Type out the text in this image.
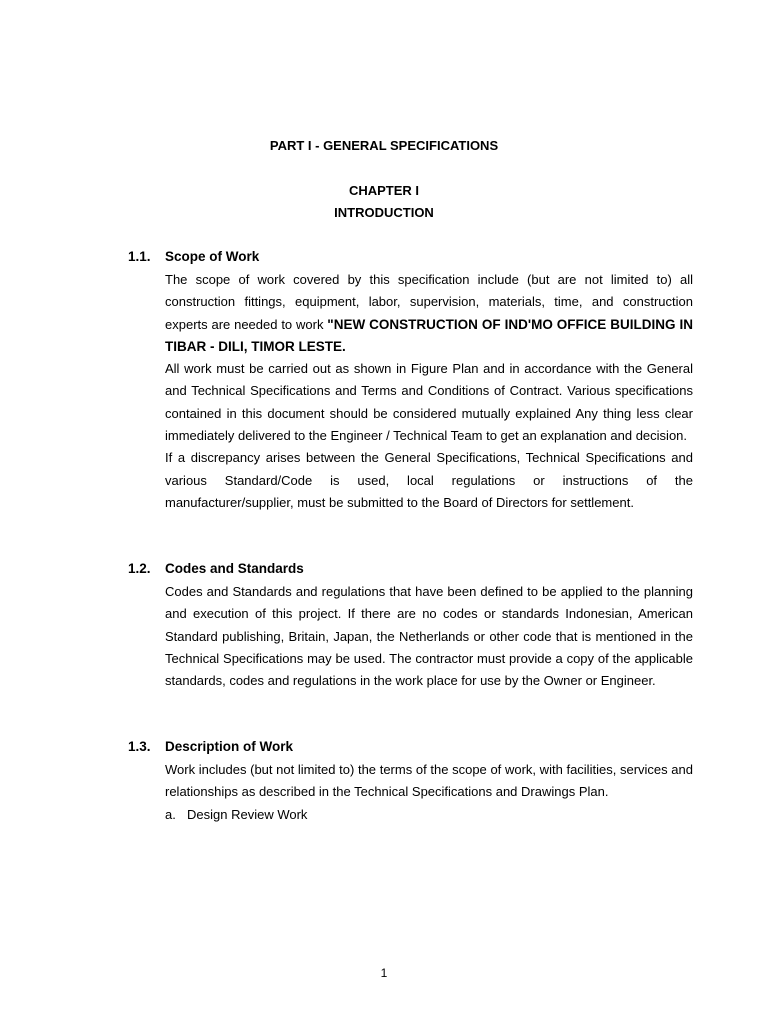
PART I - GENERAL SPECIFICATIONS
CHAPTER I
INTRODUCTION
1.1. Scope of Work

The scope of work covered by this specification include (but are not limited to) all construction fittings, equipment, labor, supervision, materials, time, and construction experts are needed to work "NEW CONSTRUCTION OF IND'MO OFFICE BUILDING IN TIBAR - DILI, TIMOR LESTE.

All work must be carried out as shown in Figure Plan and in accordance with the General and Technical Specifications and Terms and Conditions of Contract. Various specifications contained in this document should be considered mutually explained Any thing less clear immediately delivered to the Engineer / Technical Team to get an explanation and decision.

If a discrepancy arises between the General Specifications, Technical Specifications and various Standard/Code is used, local regulations or instructions of the manufacturer/supplier, must be submitted to the Board of Directors for settlement.

1.2. Codes and Standards

Codes and Standards and regulations that have been defined to be applied to the planning and execution of this project. If there are no codes or standards Indonesian, American Standard publishing, Britain, Japan, the Netherlands or other code that is mentioned in the Technical Specifications may be used. The contractor must provide a copy of the applicable standards, codes and regulations in the work place for use by the Owner or Engineer.

1.3. Description of Work

Work includes (but not limited to) the terms of the scope of work, with facilities, services and relationships as described in the Technical Specifications and Drawings Plan.

a. Design Review Work

1
